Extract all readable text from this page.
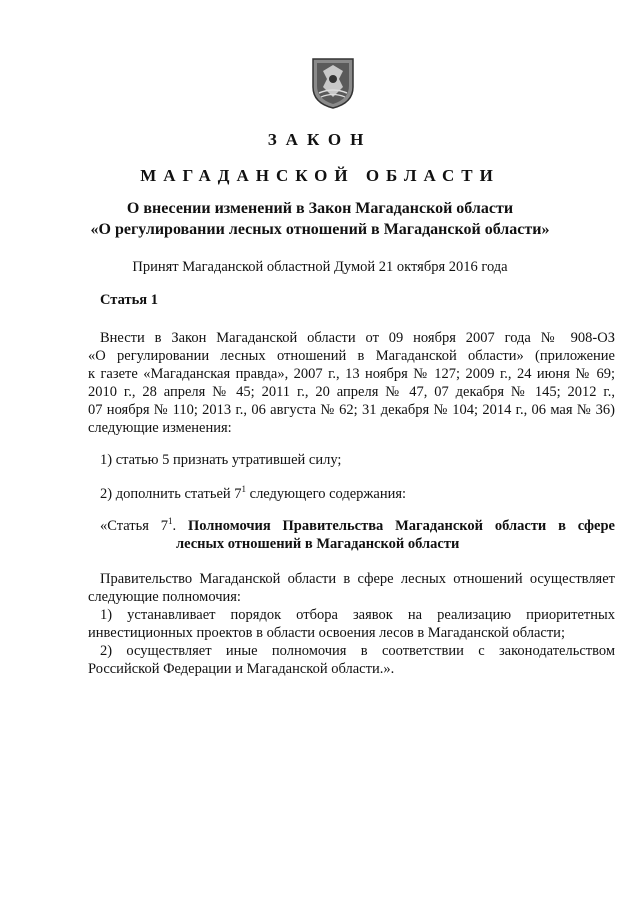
ЗАКОН
МАГАДАНСКОЙ ОБЛАСТИ
О внесении изменений в Закон Магаданской области
«О регулировании лесных отношений в Магаданской области»
Принят Магаданской областной Думой 21 октября 2016 года
Статья 1
Внести в Закон Магаданской области от 09 ноября 2007 года № 908-ОЗ
«О регулировании лесных отношений в Магаданской области» (приложение
к газете «Магаданская правда», 2007 г., 13 ноября № 127; 2009 г., 24 июня № 69;
2010 г., 28 апреля № 45; 2011 г., 20 апреля № 47, 07 декабря № 145; 2012 г.,
07 ноября № 110; 2013 г., 06 августа № 62; 31 декабря № 104; 2014 г., 06 мая № 36)
следующие изменения:
1) статью 5 признать утратившей силу;
2) дополнить статьей $7^1$ следующего содержания:
«Статья $7^1$. Полномочия Правительства Магаданской области в сфере
лесных отношений в Магаданской области
Правительство Магаданской области в сфере лесных отношений осуществляет
следующие полномочия:
1) устанавливает порядок отбора заявок на реализацию приоритетных
инвестиционных проектов в области освоения лесов в Магаданской области;
2) осуществляет иные полномочия в соответствии с законодательством
Российской Федерации и Магаданской области.».
